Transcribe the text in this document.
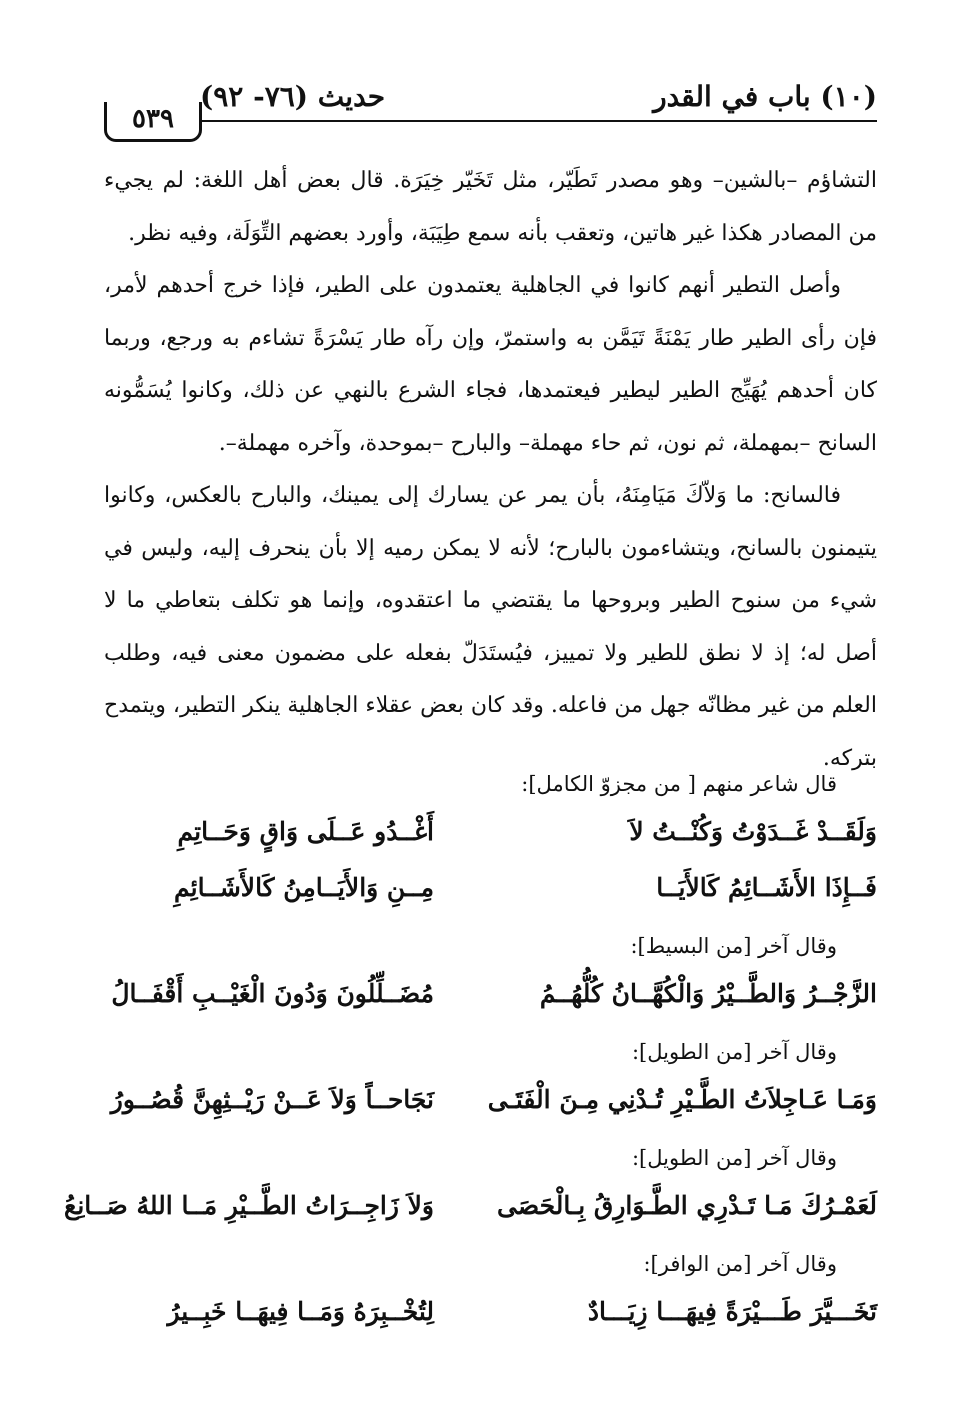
(١٠) باب في القدر
حديث (٧٦- ٩٢)
٥٣٩

التشاؤم –بالشين– وهو مصدر تَطَيّر، مثل تَخَيّر خِيَرَة. قال بعض أهل اللغة: لم يجيء من المصادر هكذا غير هاتين، وتعقب بأنه سمع طِيَبَة، وأورد بعضهم التِّوَلَة، وفيه نظر.

وأصل التطير أنهم كانوا في الجاهلية يعتمدون على الطير، فإذا خرج أحدهم لأمر، فإن رأى الطير طار يَمْنَةً تَيَمَّن به واستمرّ، وإن رآه طار يَسْرَةً تشاءم به ورجع، وربما كان أحدهم يُهَيِّج الطير ليطير فيعتمدها، فجاء الشرع بالنهي عن ذلك، وكانوا يُسَمُّونه السانح –بمهملة، ثم نون، ثم حاء مهملة– والبارح –بموحدة، وآخره مهملة–.

فالسانح: ما وَلاّكَ مَيَامِنَهُ، بأن يمر عن يسارك إلى يمينك، والبارح بالعكس، وكانوا يتيمنون بالسانح، ويتشاءمون بالبارح؛ لأنه لا يمكن رميه إلا بأن ينحرف إليه، وليس في شيء من سنوح الطير وبروحها ما يقتضي ما اعتقدوه، وإنما هو تكلف بتعاطي ما لا أصل له؛ إذ لا نطق للطير ولا تمييز، فيُستَدَلّ بفعله على مضمون معنى فيه، وطلب العلم من غير مظانّه جهل من فاعله. وقد كان بعض عقلاء الجاهلية ينكر التطير، ويتمدح بتركه.

قال شاعر منهم [ من مجزوّ الكامل]:
وَلَقَــدْ غَــدَوْتُ وَكُنْــتُ لاَ
أَغْــدُو عَــلَى وَاقٍ وَحَــاتِمِ
فَــإِذَا الأَشَــائِمُ كَالأَيَــا
مِــنِ وَالأَيَــامِنُ كَالأَشَــائِمِ
وقال آخر [من البسيط]:
الزَّجْــرُ وَالطَّــيْرُ وَالْكُهَّــانُ كُلُّهُــمُ
مُضَــلِّلُونَ وَدُونَ الْغَيْــبِ أَقْفَــالُ
وقال آخر [من الطويل]:
وَمَـا عَـاجِلاَتُ الطَّـيْرِ تُـدْنِي مِـنَ الْفَتَـى
نَجَاحــاً وَلاَ عَــنْ رَيْــثِهِنَّ قُصُــورُ
وقال آخر [من الطويل]:
لَعَمْـرُكَ مَـا تَـدْرِي الطَّـوَارِقُ بِـالْحَصَى
وَلاَ زَاجِــرَاتُ الطَّــيْرِ مَــا اللهُ صَــانِعُ
وقال آخر [من الوافر]:
تَخَـــيَّرَ طَـــيْرَةً فِيهَـــا زِيَـــادٌ
لِتُخْــبِرَهُ وَمَــا فِيهَــا خَبِــيرُ
